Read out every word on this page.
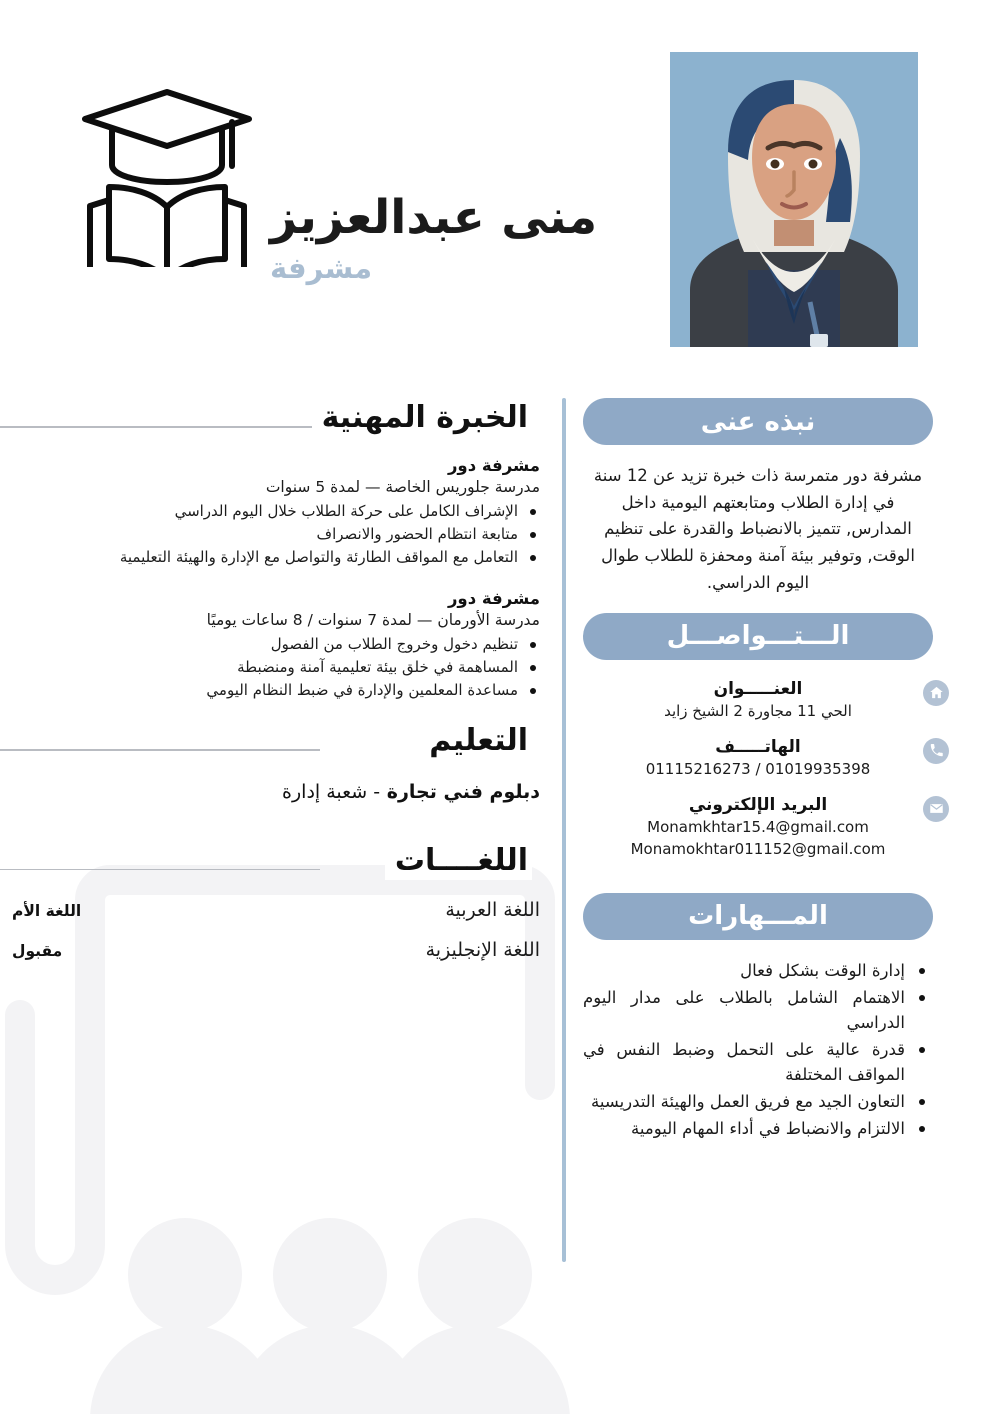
منى عبدالعزيز
مشرفة
الخبرة المهنية
مشرفة دور
مدرسة جلوريس الخاصة — لمدة 5 سنوات
الإشراف الكامل على حركة الطلاب خلال اليوم الدراسي
متابعة انتظام الحضور والانصراف
التعامل مع المواقف الطارئة والتواصل مع الإدارة والهيئة التعليمية
مشرفة دور
مدرسة الأورمان — لمدة 7 سنوات / 8 ساعات يوميًا
تنظيم دخول وخروج الطلاب من الفصول
المساهمة في خلق بيئة تعليمية آمنة ومنضبطة
مساعدة المعلمين والإدارة في ضبط النظام اليومي
التعليم
دبلوم فني تجارة - شعبة إدارة
اللغــــات
اللغة العربية
اللغة الأم
اللغة الإنجليزية
مقبول
نبذه عنى

مشرفة دور متمرسة ذات خبرة تزيد عن 12 سنة في إدارة الطلاب ومتابعتهم اليومية داخل المدارس, تتميز بالانضباط والقدرة على تنظيم الوقت, وتوفير بيئة آمنة ومحفزة للطلاب طوال اليوم الدراسي.

الـــتـــواصـــل
العنـــــوان
الحي 11 مجاورة 2 الشيخ زايد
الهاتـــــف
01019935398 / 01115216273
البريد الإلكتروني
Monamkhtar15.4@gmail.com
Monamokhtar011152@gmail.com
المـــهارات
إدارة الوقت بشكل فعال
الاهتمام الشامل بالطلاب على مدار اليوم الدراسي
قدرة عالية على التحمل وضبط النفس في المواقف المختلفة
التعاون الجيد مع فريق العمل والهيئة التدريسية
الالتزام والانضباط في أداء المهام اليومية
